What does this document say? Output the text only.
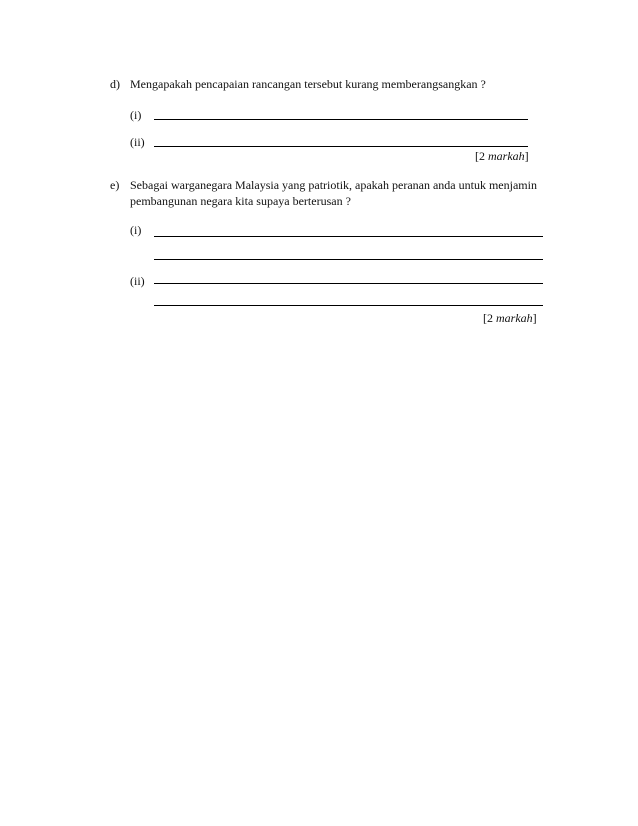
d) Mengapakah pencapaian rancangan tersebut kurang memberangsangkan ?
(i)
(ii)
[2 markah]
e) Sebagai warganegara Malaysia yang patriotik, apakah peranan anda untuk menjamin
pembangunan negara kita supaya berterusan ?
(i)
(ii)
[2 markah]
